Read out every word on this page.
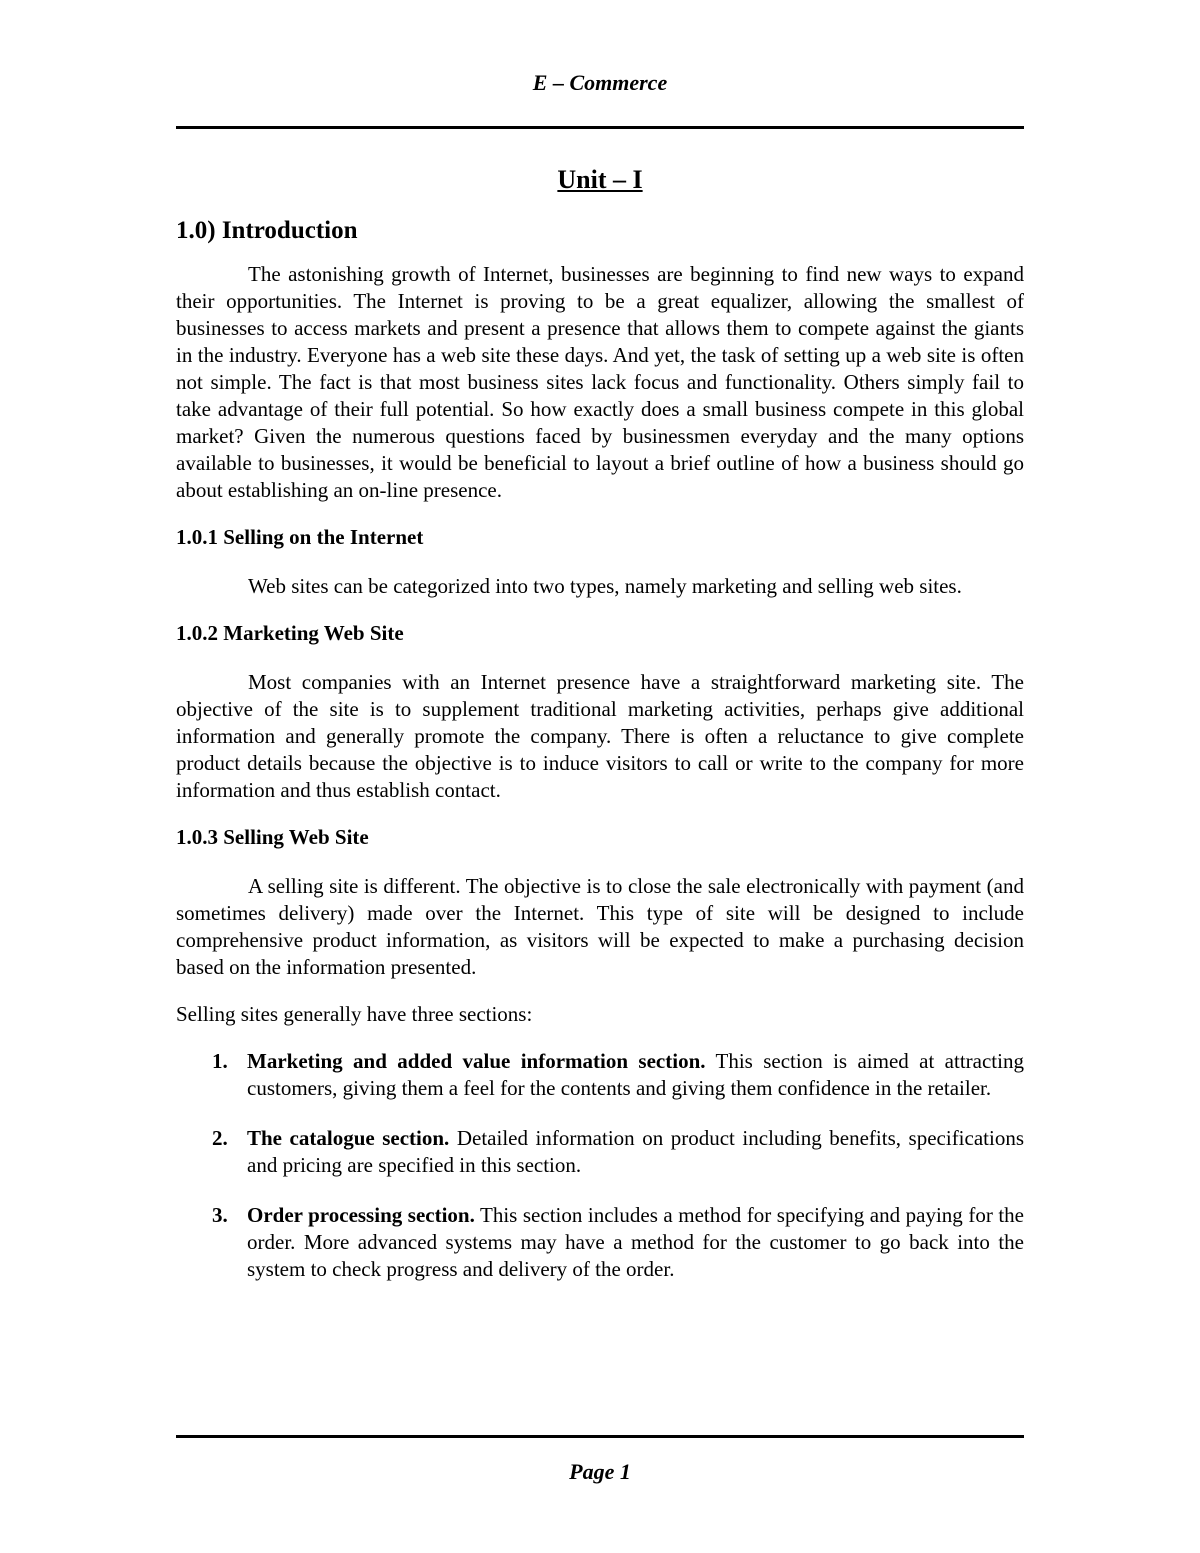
E – Commerce
Unit – I
1.0) Introduction

The astonishing growth of Internet, businesses are beginning to find new ways to expand their opportunities. The Internet is proving to be a great equalizer, allowing the smallest of businesses to access markets and present a presence that allows them to compete against the giants in the industry. Everyone has a web site these days. And yet, the task of setting up a web site is often not simple. The fact is that most business sites lack focus and functionality. Others simply fail to take advantage of their full potential. So how exactly does a small business compete in this global market? Given the numerous questions faced by businessmen everyday and the many options available to businesses, it would be beneficial to layout a brief outline of how a business should go about establishing an on-line presence.

1.0.1 Selling on the Internet

Web sites can be categorized into two types, namely marketing and selling web sites.

1.0.2 Marketing Web Site

Most companies with an Internet presence have a straightforward marketing site. The objective of the site is to supplement traditional marketing activities, perhaps give additional information and generally promote the company. There is often a reluctance to give complete product details because the objective is to induce visitors to call or write to the company for more information and thus establish contact.

1.0.3 Selling Web Site

A selling site is different. The objective is to close the sale electronically with payment (and sometimes delivery) made over the Internet. This type of site will be designed to include comprehensive product information, as visitors will be expected to make a purchasing decision based on the information presented.

Selling sites generally have three sections:

1. Marketing and added value information section. This section is aimed at attracting customers, giving them a feel for the contents and giving them confidence in the retailer.
2. The catalogue section. Detailed information on product including benefits, specifications and pricing are specified in this section.
3. Order processing section. This section includes a method for specifying and paying for the order. More advanced systems may have a method for the customer to go back into the system to check progress and delivery of the order.
Page 1
